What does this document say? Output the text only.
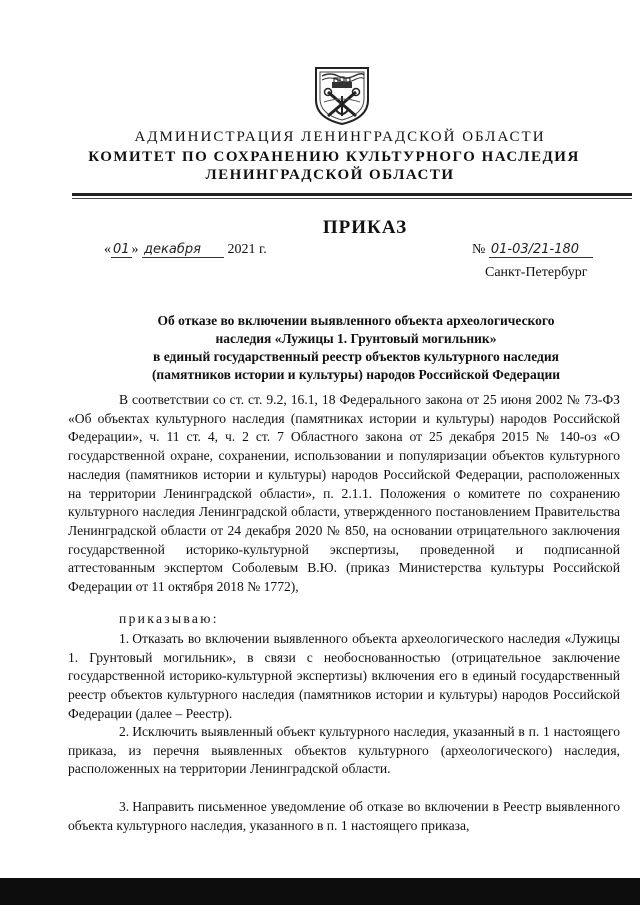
АДМИНИСТРАЦИЯ ЛЕНИНГРАДСКОЙ ОБЛАСТИ

КОМИТЕТ ПО СОХРАНЕНИЮ КУЛЬТУРНОГО НАСЛЕДИЯ

ЛЕНИНГРАДСКОЙ ОБЛАСТИ

ПРИКАЗ
« 01 » декабря 2021 г.	№ 01-03/21-180
Санкт-Петербург
Об отказе во включении выявленного объекта археологического
наследия «Лужицы 1. Грунтовый могильник»
в единый государственный реестр объектов культурного наследия
(памятников истории и культуры) народов Российской Федерации

В соответствии со ст. ст. 9.2, 16.1, 18 Федерального закона от 25 июня 2002 № 73-ФЗ «Об объектах культурного наследия (памятниках истории и культуры) народов Российской Федерации», ч. 11 ст. 4, ч. 2 ст. 7 Областного закона от 25 декабря 2015 № 140-оз «О государственной охране, сохранении, использовании и популяризации объектов культурного наследия (памятников истории и культуры) народов Российской Федерации, расположенных на территории Ленинградской области», п. 2.1.1. Положения о комитете по сохранению культурного наследия Ленинградской области, утвержденного постановлением Правительства Ленинградской области от 24 декабря 2020 № 850, на основании отрицательного заключения государственной историко-культурной экспертизы, проведенной и подписанной аттестованным экспертом Соболевым В.Ю. (приказ Министерства культуры Российской Федерации от 11 октября 2018 № 1772),

приказываю:

1. Отказать во включении выявленного объекта археологического наследия «Лужицы 1. Грунтовый могильник», в связи с необоснованностью (отрицательное заключение государственной историко-культурной экспертизы) включения его в единый государственный реестр объектов культурного наследия (памятников истории и культуры) народов Российской Федерации (далее – Реестр).

2. Исключить выявленный объект культурного наследия, указанный в п. 1 настоящего приказа, из перечня выявленных объектов культурного (археологического) наследия, расположенных на территории Ленинградской области.

3. Направить письменное уведомление об отказе во включении в Реестр выявленного объекта культурного наследия, указанного в п. 1 настоящего приказа,
